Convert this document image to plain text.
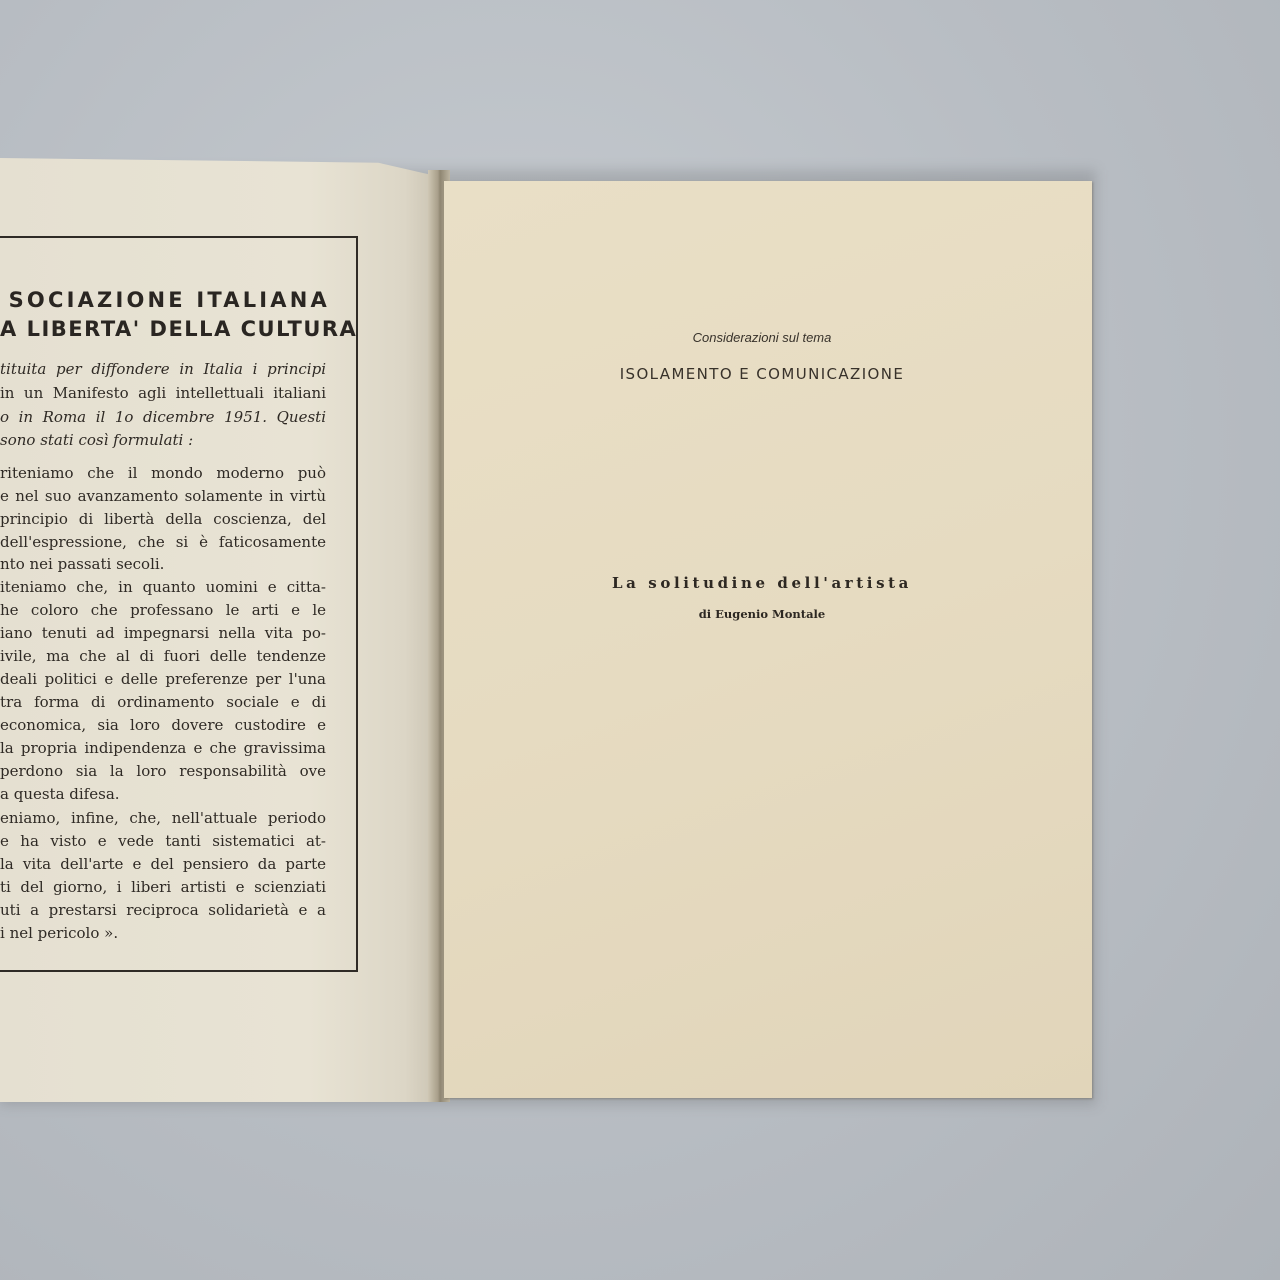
SOCIAZIONE ITALIANA
A LIBERTA' DELLA CULTURA

tituita per diffondere in Italia i principi

in un Manifesto agli intellettuali italiani

o in Roma il 1o dicembre 1951. Questi

sono stati così formulati :

riteniamo che il mondo moderno può

e nel suo avanzamento solamente in virtù

principio di libertà della coscienza, del

dell'espressione, che si è faticosamente

nto nei passati secoli.

iteniamo che, in quanto uomini e citta-

he coloro che professano le arti e le

iano tenuti ad impegnarsi nella vita po-

ivile, ma che al di fuori delle tendenze

deali politici e delle preferenze per l'una

tra forma di ordinamento sociale e di

economica, sia loro dovere custodire e

la propria indipendenza e che gravissima

perdono sia la loro responsabilità ove

a questa difesa.

eniamo, infine, che, nell'attuale periodo

e ha visto e vede tanti sistematici at-

la vita dell'arte e del pensiero da parte

ti del giorno, i liberi artisti e scienziati

uti a prestarsi reciproca solidarietà e a

i nel pericolo ».

Considerazioni sul tema

ISOLAMENTO E COMUNICAZIONE

La solitudine dell'artista

di Eugenio Montale
